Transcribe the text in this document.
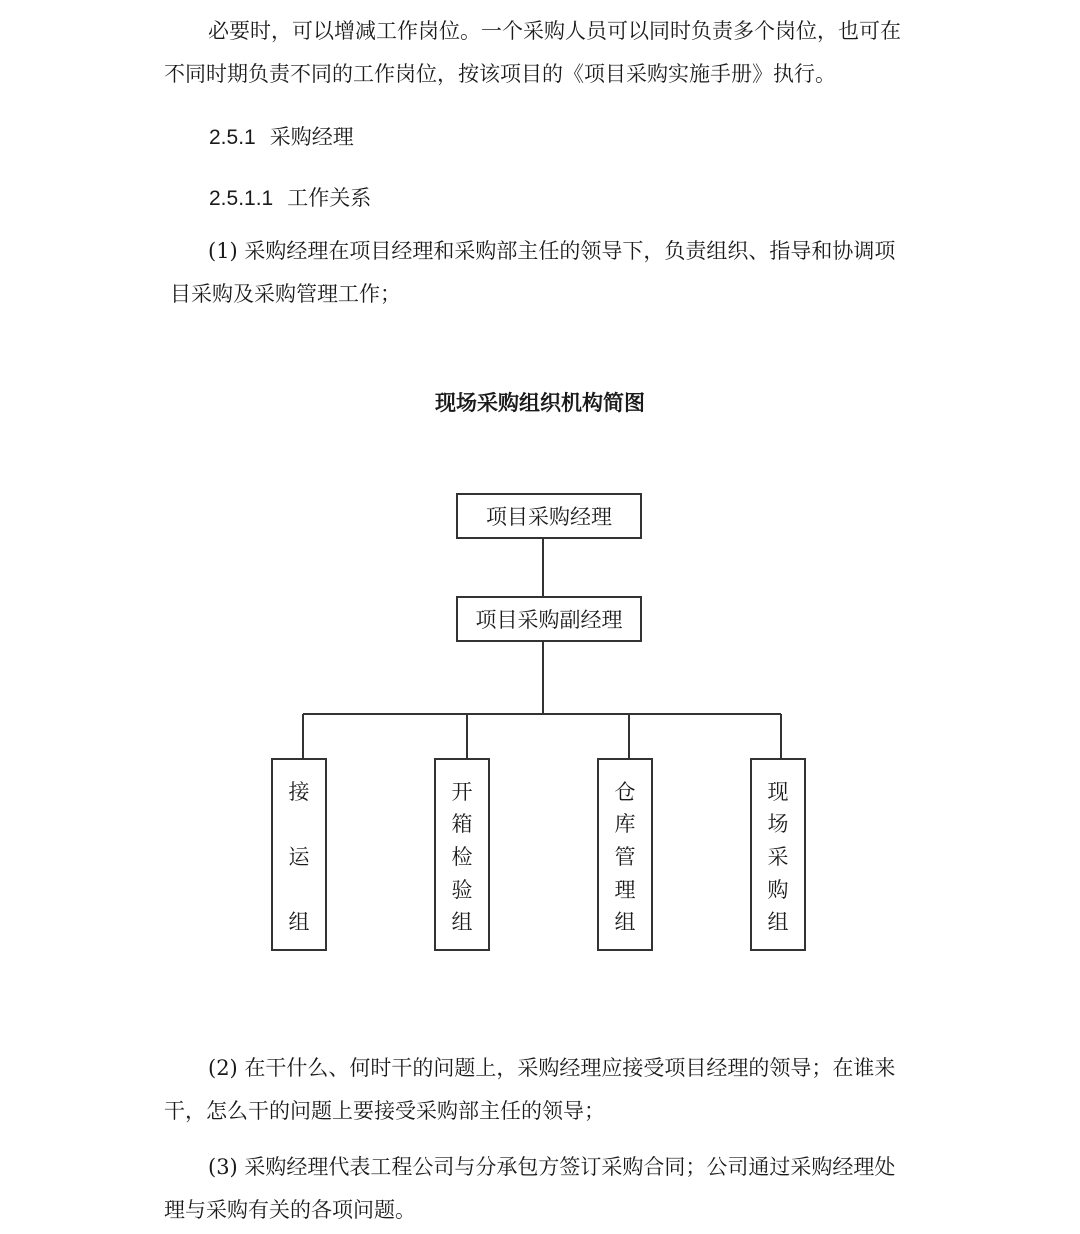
必要时，可以增减工作岗位。一个采购人员可以同时负责多个岗位，也可在
不同时期负责不同的工作岗位，按该项目的《项目采购实施手册》执行。

2.5.1 采购经理
2.5.1.1 工作关系

(1) 采购经理在项目经理和采购部主任的领导下，负责组织、指导和协调项
目采购及采购管理工作；

现场采购组织机构简图
项目采购经理
项目采购副经理
接
运
组
开
箱
检
验
组
仓
库
管
理
组
现
场
采
购
组

(2) 在干什么、何时干的问题上，采购经理应接受项目经理的领导；在谁来
干，怎么干的问题上要接受采购部主任的领导；

(3) 采购经理代表工程公司与分承包方签订采购合同；公司通过采购经理处
理与采购有关的各项问题。
